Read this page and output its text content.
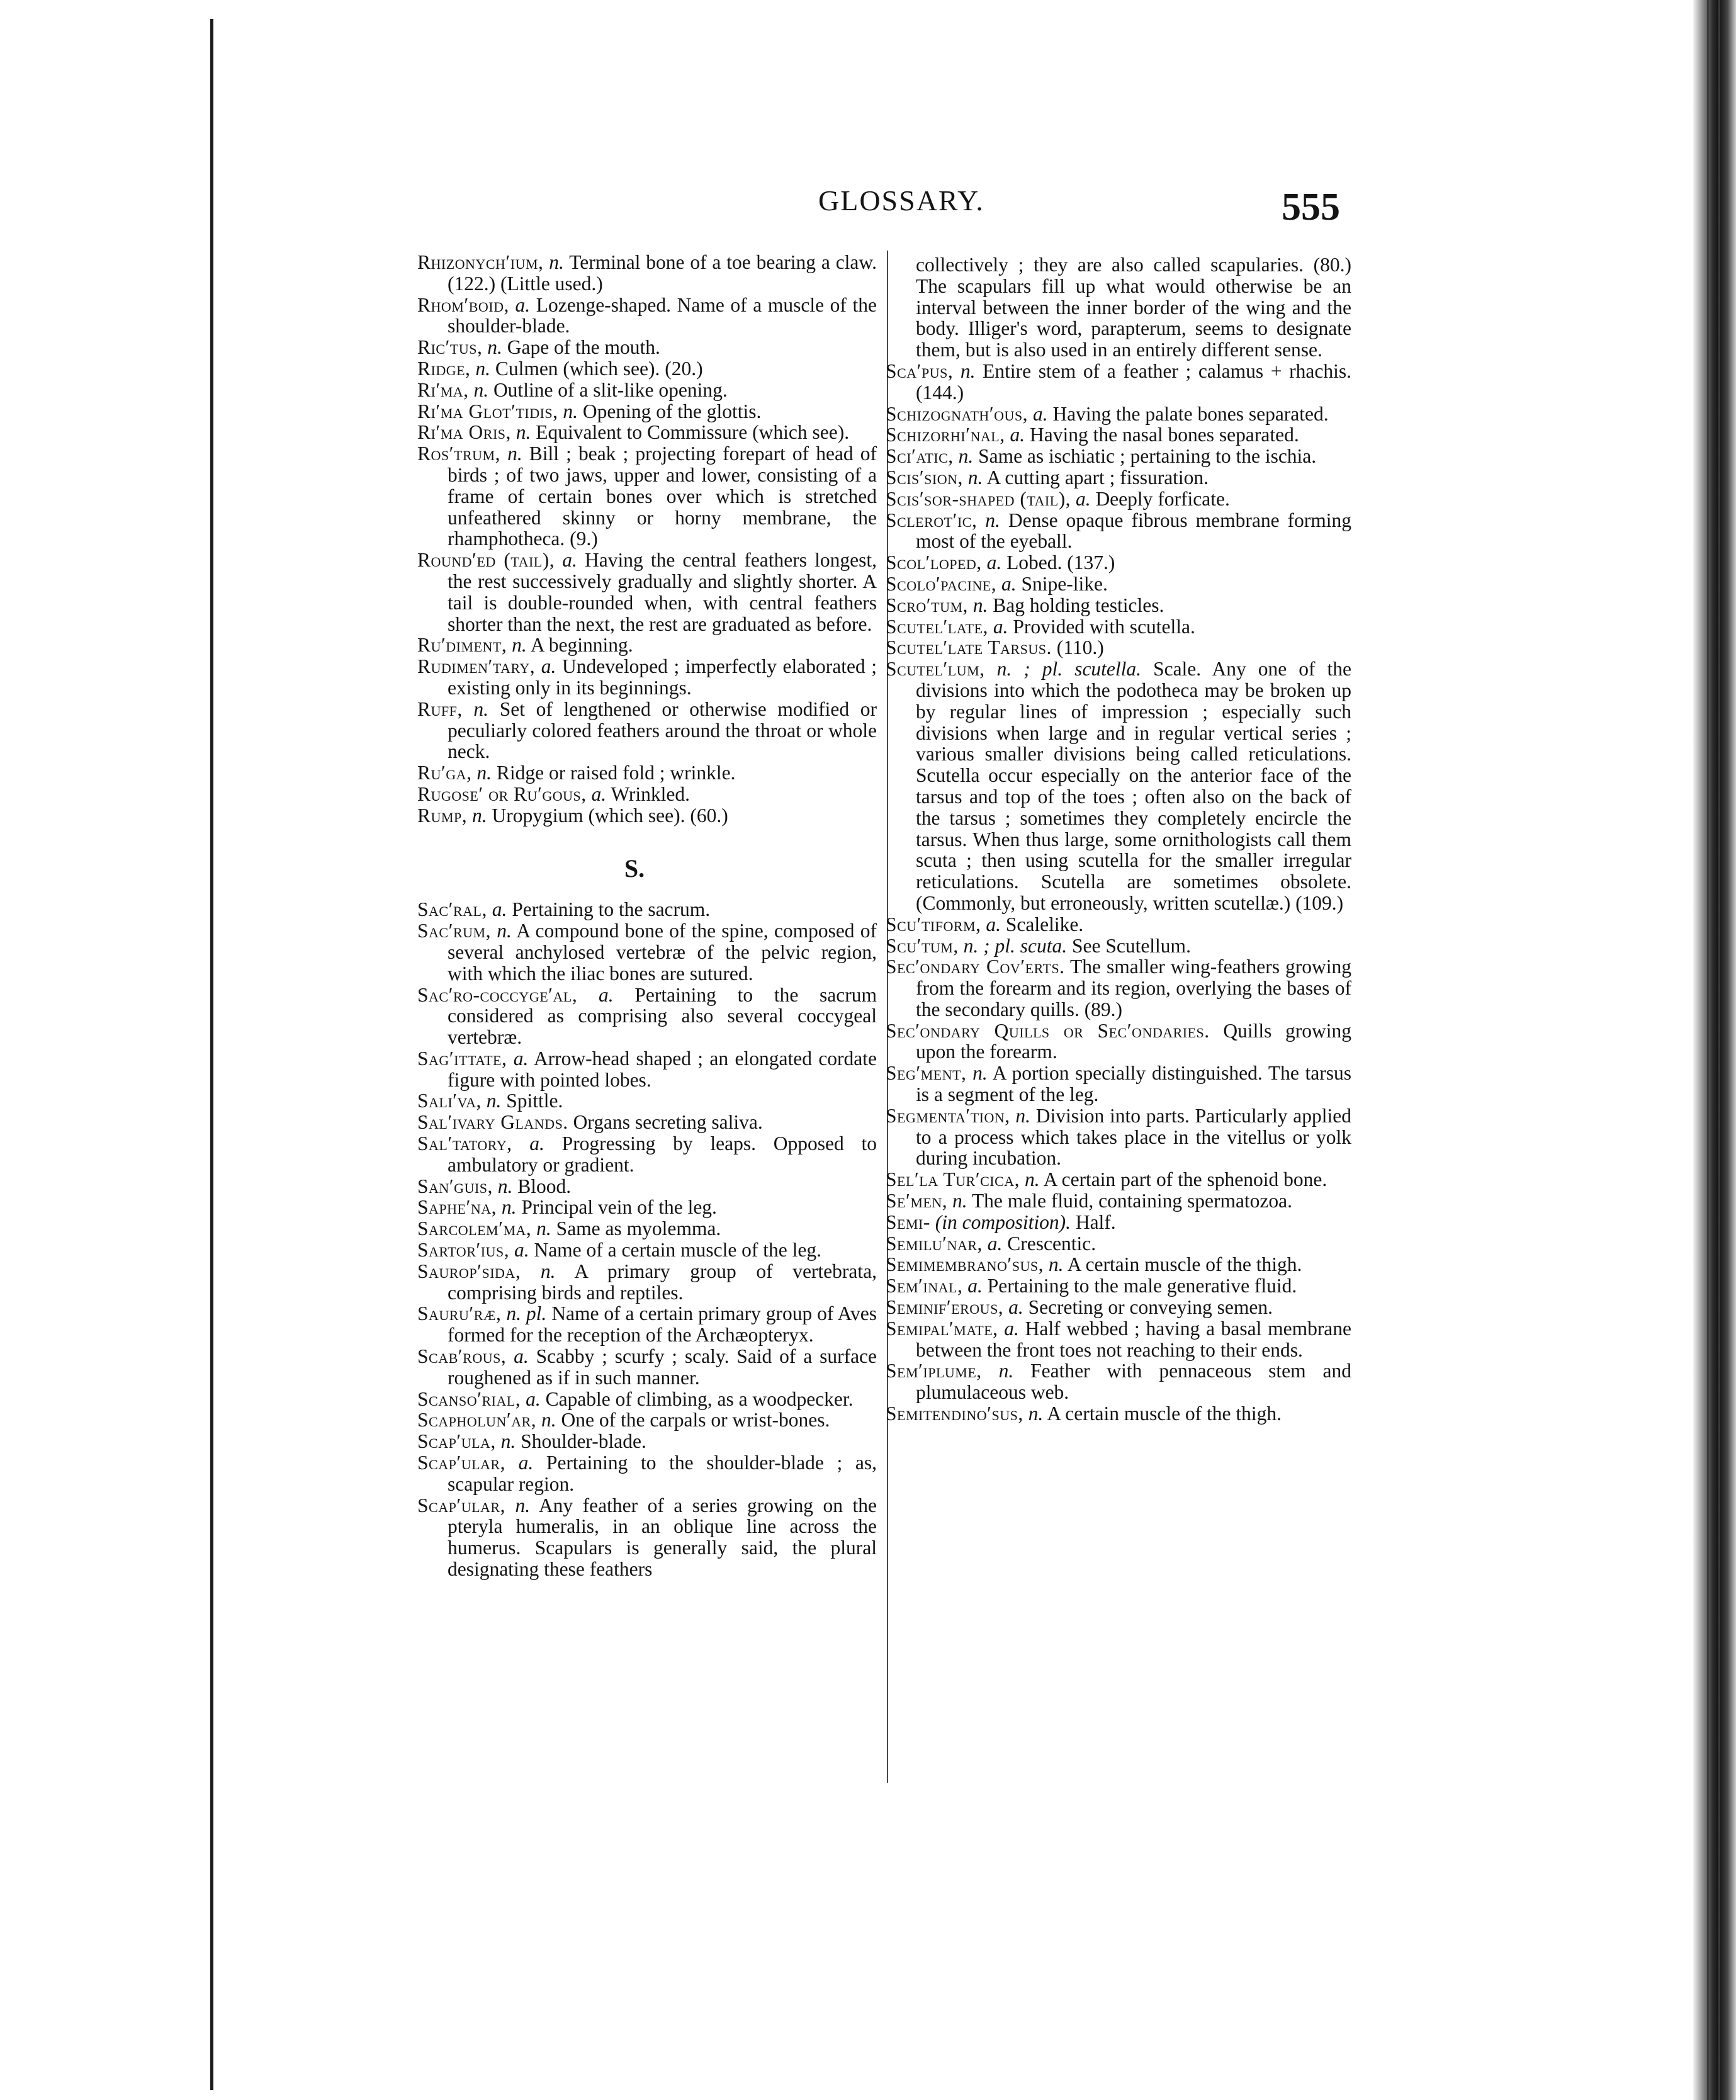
GLOSSARY.	555

Rhizonych′ium, n. Terminal bone of a toe bearing a claw. (122.) (Little used.)

Rhom′boid, a. Lozenge-shaped. Name of a muscle of the shoulder-blade.

Ric′tus, n. Gape of the mouth.

Ridge, n. Culmen (which see). (20.)

Ri′ma, n. Outline of a slit-like opening.

Ri′ma Glot′tidis, n. Opening of the glottis.

Ri′ma Oris, n. Equivalent to Commissure (which see).

Ros′trum, n. Bill ; beak ; projecting forepart of head of birds ; of two jaws, upper and lower, consisting of a frame of certain bones over which is stretched unfeathered skinny or horny membrane, the rhamphotheca. (9.)

Round′ed (tail), a. Having the central feathers longest, the rest successively gradually and slightly shorter. A tail is double-rounded when, with central feathers shorter than the next, the rest are graduated as before.

Ru′diment, n. A beginning.

Rudimen′tary, a. Undeveloped ; imperfectly elaborated ; existing only in its beginnings.

Ruff, n. Set of lengthened or otherwise modified or peculiarly colored feathers around the throat or whole neck.

Ru′ga, n. Ridge or raised fold ; wrinkle.

Rugose′ or Ru′gous, a. Wrinkled.

Rump, n. Uropygium (which see). (60.)

S.

Sac′ral, a. Pertaining to the sacrum.

Sac′rum, n. A compound bone of the spine, composed of several anchylosed vertebræ of the pelvic region, with which the iliac bones are sutured.

Sac′ro-coccyge′al, a. Pertaining to the sacrum considered as comprising also several coccygeal vertebræ.

Sag′ittate, a. Arrow-head shaped ; an elongated cordate figure with pointed lobes.

Sali′va, n. Spittle.

Sal′ivary Glands. Organs secreting saliva.

Sal′tatory, a. Progressing by leaps. Opposed to ambulatory or gradient.

San′guis, n. Blood.

Saphe′na, n. Principal vein of the leg.

Sarcolem′ma, n. Same as myolemma.

Sartor′ius, a. Name of a certain muscle of the leg.

Saurop′sida, n. A primary group of vertebrata, comprising birds and reptiles.

Sauru′ræ, n. pl. Name of a certain primary group of Aves formed for the reception of the Archæopteryx.

Scab′rous, a. Scabby ; scurfy ; scaly. Said of a surface roughened as if in such manner.

Scanso′rial, a. Capable of climbing, as a woodpecker.

Scapholun′ar, n. One of the carpals or wrist-bones.

Scap′ula, n. Shoulder-blade.

Scap′ular, a. Pertaining to the shoulder-blade ; as, scapular region.

Scap′ular, n. Any feather of a series growing on the pteryla humeralis, in an oblique line across the humerus. Scapulars is generally said, the plural designating these feathers

collectively ; they are also called scapularies. (80.) The scapulars fill up what would otherwise be an interval between the inner border of the wing and the body. Illiger's word, parapterum, seems to designate them, but is also used in an entirely different sense.

Sca′pus, n. Entire stem of a feather ; calamus + rhachis. (144.)

Schizognath′ous, a. Having the palate bones separated.

Schizorhi′nal, a. Having the nasal bones separated.

Sci′atic, n. Same as ischiatic ; pertaining to the ischia.

Scis′sion, n. A cutting apart ; fissuration.

Scis′sor-shaped (tail), a. Deeply forficate.

Sclerot′ic, n. Dense opaque fibrous membrane forming most of the eyeball.

Scol′loped, a. Lobed. (137.)

Scolo′pacine, a. Snipe-like.

Scro′tum, n. Bag holding testicles.

Scutel′late, a. Provided with scutella.

Scutel′late Tarsus. (110.)

Scutel′lum, n. ; pl. scutella. Scale. Any one of the divisions into which the podotheca may be broken up by regular lines of impression ; especially such divisions when large and in regular vertical series ; various smaller divisions being called reticulations. Scutella occur especially on the anterior face of the tarsus and top of the toes ; often also on the back of the tarsus ; sometimes they completely encircle the tarsus. When thus large, some ornithologists call them scuta ; then using scutella for the smaller irregular reticulations. Scutella are sometimes obsolete. (Commonly, but erroneously, written scutellæ.) (109.)

Scu′tiform, a. Scalelike.

Scu′tum, n. ; pl. scuta. See Scutellum.

Sec′ondary Cov′erts. The smaller wing-feathers growing from the forearm and its region, overlying the bases of the secondary quills. (89.)

Sec′ondary Quills or Sec′ondaries. Quills growing upon the forearm.

Seg′ment, n. A portion specially distinguished. The tarsus is a segment of the leg.

Segmenta′tion, n. Division into parts. Particularly applied to a process which takes place in the vitellus or yolk during incubation.

Sel′la Tur′cica, n. A certain part of the sphenoid bone.

Se′men, n. The male fluid, containing spermatozoa.

Semi- (in composition). Half.

Semilu′nar, a. Crescentic.

Semimembrano′sus, n. A certain muscle of the thigh.

Sem′inal, a. Pertaining to the male generative fluid.

Seminif′erous, a. Secreting or conveying semen.

Semipal′mate, a. Half webbed ; having a basal membrane between the front toes not reaching to their ends.

Sem′iplume, n. Feather with pennaceous stem and plumulaceous web.

Semitendino′sus, n. A certain muscle of the thigh.
